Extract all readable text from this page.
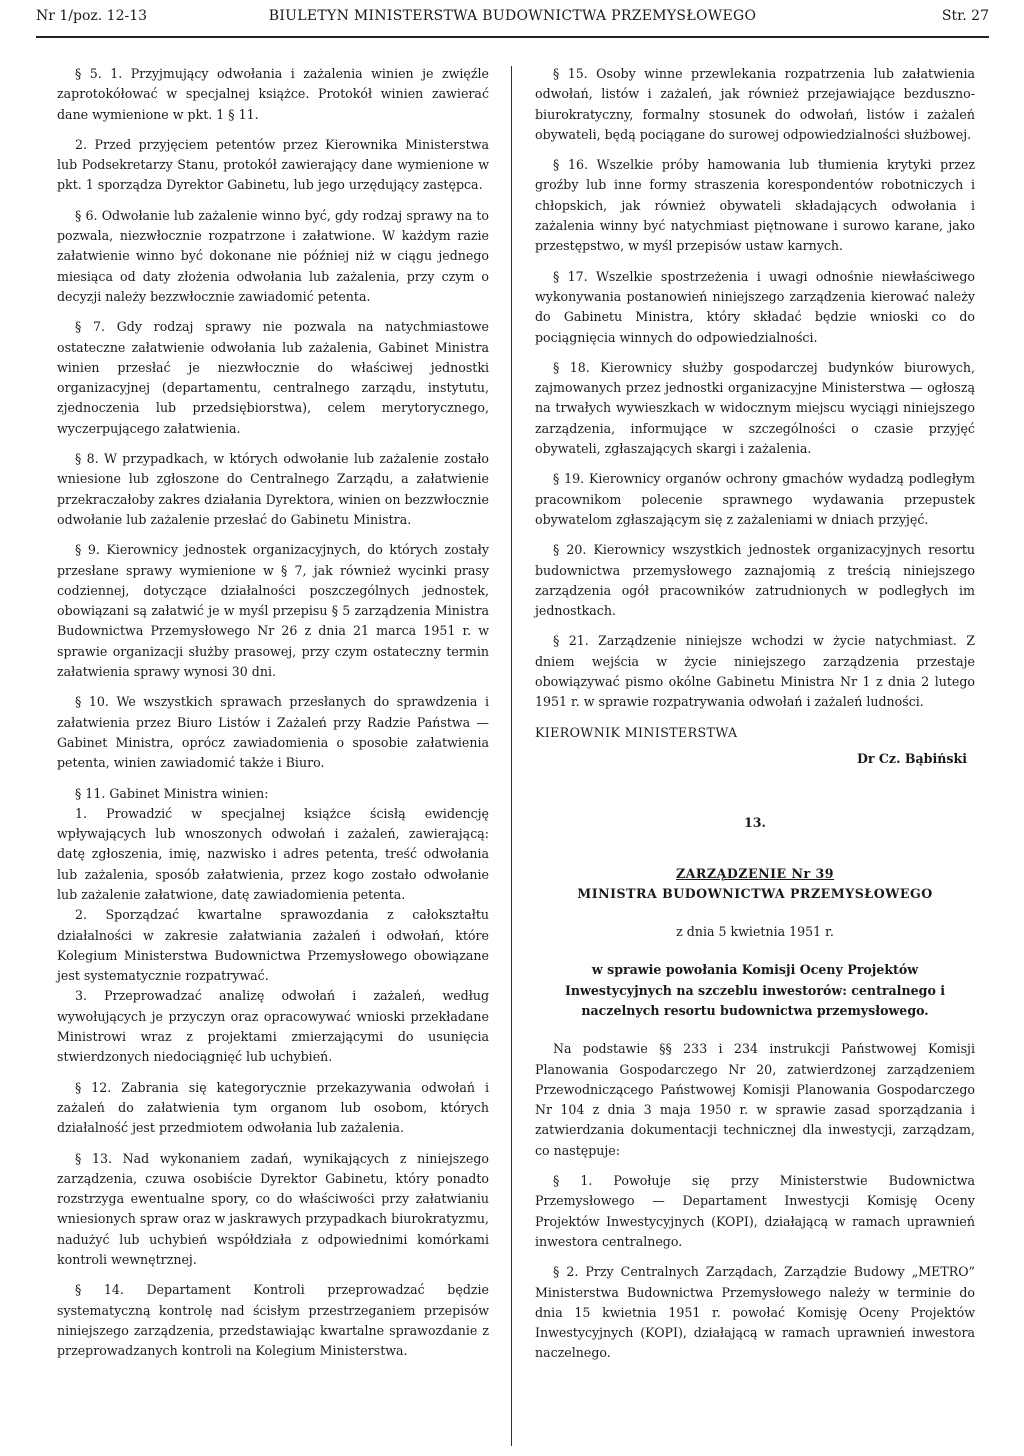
BIULETYN MINISTERSTWA BUDOWNICTWA PRZEMYSŁOWEGO
Nr 1/poz. 12-13	Str. 27

§ 5. 1. Przyjmujący odwołania i zażalenia winien je zwięźle zaprotokółować w specjalnej książce. Protokół winien zawierać dane wymienione w pkt. 1 § 11.

2. Przed przyjęciem petentów przez Kierownika Ministerstwa lub Podsekretarzy Stanu, protokół zawierający dane wymienione w pkt. 1 sporządza Dyrektor Gabinetu, lub jego urzędujący zastępca.

§ 6. Odwołanie lub zażalenie winno być, gdy rodzaj sprawy na to pozwala, niezwłocznie rozpatrzone i załatwione. W każdym razie załatwienie winno być dokonane nie później niż w ciągu jednego miesiąca od daty złożenia odwołania lub zażalenia, przy czym o decyzji należy bezzwłocznie zawiadomić petenta.

§ 7. Gdy rodzaj sprawy nie pozwala na natychmiastowe ostateczne załatwienie odwołania lub zażalenia, Gabinet Ministra winien przesłać je niezwłocznie do właściwej jednostki organizacyjnej (departamentu, centralnego zarządu, instytutu, zjednoczenia lub przedsiębiorstwa), celem merytorycznego, wyczerpującego załatwienia.

§ 8. W przypadkach, w których odwołanie lub zażalenie zostało wniesione lub zgłoszone do Centralnego Zarządu, a załatwienie przekraczałoby zakres działania Dyrektora, winien on bezzwłocznie odwołanie lub zażalenie przesłać do Gabinetu Ministra.

§ 9. Kierownicy jednostek organizacyjnych, do których zostały przesłane sprawy wymienione w § 7, jak również wycinki prasy codziennej, dotyczące działalności poszczególnych jednostek, obowiązani są załatwić je w myśl przepisu § 5 zarządzenia Ministra Budownictwa Przemysłowego Nr 26 z dnia 21 marca 1951 r. w sprawie organizacji służby prasowej, przy czym ostateczny termin załatwienia sprawy wynosi 30 dni.

§ 10. We wszystkich sprawach przesłanych do sprawdzenia i załatwienia przez Biuro Listów i Zażaleń przy Radzie Państwa — Gabinet Ministra, oprócz zawiadomienia o sposobie załatwienia petenta, winien zawiadomić także i Biuro.

§ 11. Gabinet Ministra winien:

1. Prowadzić w specjalnej książce ścisłą ewidencję wpływających lub wnoszonych odwołań i zażaleń, zawierającą: datę zgłoszenia, imię, nazwisko i adres petenta, treść odwołania lub zażalenia, sposób załatwienia, przez kogo zostało odwołanie lub zażalenie załatwione, datę zawiadomienia petenta.

2. Sporządzać kwartalne sprawozdania z całokształtu działalności w zakresie załatwiania zażaleń i odwołań, które Kolegium Ministerstwa Budownictwa Przemysłowego obowiązane jest systematycznie rozpatrywać.

3. Przeprowadzać analizę odwołań i zażaleń, według wywołujących je przyczyn oraz opracowywać wnioski przekładane Ministrowi wraz z projektami zmierzającymi do usunięcia stwierdzonych niedociągnięć lub uchybień.

§ 12. Zabrania się kategorycznie przekazywania odwołań i zażaleń do załatwienia tym organom lub osobom, których działalność jest przedmiotem odwołania lub zażalenia.

§ 13. Nad wykonaniem zadań, wynikających z niniejszego zarządzenia, czuwa osobiście Dyrektor Gabinetu, który ponadto rozstrzyga ewentualne spory, co do właściwości przy załatwianiu wniesionych spraw oraz w jaskrawych przypadkach biurokratyzmu, nadużyć lub uchybień współdziała z odpowiednimi komórkami kontroli wewnętrznej.

§ 14. Departament Kontroli przeprowadzać będzie systematyczną kontrolę nad ścisłym przestrzeganiem przepisów niniejszego zarządzenia, przedstawiając kwartalne sprawozdanie z przeprowadzanych kontroli na Kolegium Ministerstwa.

§ 15. Osoby winne przewlekania rozpatrzenia lub załatwienia odwołań, listów i zażaleń, jak również przejawiające bezduszno-biurokratyczny, formalny stosunek do odwołań, listów i zażaleń obywateli, będą pociągane do surowej odpowiedzialności służbowej.

§ 16. Wszelkie próby hamowania lub tłumienia krytyki przez groźby lub inne formy straszenia korespondentów robotniczych i chłopskich, jak również obywateli składających odwołania i zażalenia winny być natychmiast piętnowane i surowo karane, jako przestępstwo, w myśl przepisów ustaw karnych.

§ 17. Wszelkie spostrzeżenia i uwagi odnośnie niewłaściwego wykonywania postanowień niniejszego zarządzenia kierować należy do Gabinetu Ministra, który składać będzie wnioski co do pociągnięcia winnych do odpowiedzialności.

§ 18. Kierownicy służby gospodarczej budynków biurowych, zajmowanych przez jednostki organizacyjne Ministerstwa — ogłoszą na trwałych wywieszkach w widocznym miejscu wyciągi niniejszego zarządzenia, informujące w szczególności o czasie przyjęć obywateli, zgłaszających skargi i zażalenia.

§ 19. Kierownicy organów ochrony gmachów wydadzą podległym pracownikom polecenie sprawnego wydawania przepustek obywatelom zgłaszającym się z zażaleniami w dniach przyjęć.

§ 20. Kierownicy wszystkich jednostek organizacyjnych resortu budownictwa przemysłowego zaznajomią z treścią niniejszego zarządzenia ogół pracowników zatrudnionych w podległych im jednostkach.

§ 21. Zarządzenie niniejsze wchodzi w życie natychmiast. Z dniem wejścia w życie niniejszego zarządzenia przestaje obowiązywać pismo okólne Gabinetu Ministra Nr 1 z dnia 2 lutego 1951 r. w sprawie rozpatrywania odwołań i zażaleń ludności.

KIEROWNIK MINISTERSTWA

Dr Cz. Bąbiński

13.

ZARZĄDZENIE Nr 39

MINISTRA BUDOWNICTWA PRZEMYSŁOWEGO

z dnia 5 kwietnia 1951 r.

w sprawie powołania Komisji Oceny Projektów Inwestycyjnych na szczeblu inwestorów: centralnego i naczelnych resortu budownictwa przemysłowego.

Na podstawie §§ 233 i 234 instrukcji Państwowej Komisji Planowania Gospodarczego Nr 20, zatwierdzonej zarządzeniem Przewodniczącego Państwowej Komisji Planowania Gospodarczego Nr 104 z dnia 3 maja 1950 r. w sprawie zasad sporządzania i zatwierdzania dokumentacji technicznej dla inwestycji, zarządzam, co następuje:

§ 1. Powołuje się przy Ministerstwie Budownictwa Przemysłowego — Departament Inwestycji Komisję Oceny Projektów Inwestycyjnych (KOPI), działającą w ramach uprawnień inwestora centralnego.

§ 2. Przy Centralnych Zarządach, Zarządzie Budowy „METRO” Ministerstwa Budownictwa Przemysłowego należy w terminie do dnia 15 kwietnia 1951 r. powołać Komisję Oceny Projektów Inwestycyjnych (KOPI), działającą w ramach uprawnień inwestora naczelnego.
